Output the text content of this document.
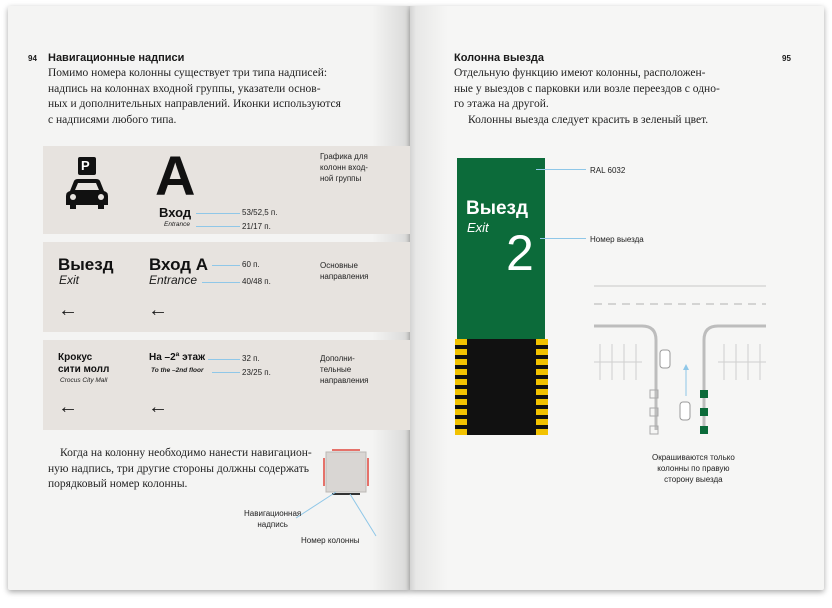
94 Навигационные надписи
Помимо номера колонны существует три типа надписей:
надпись на колоннах входной группы, указатели основ-
ных и дополнительных направлений. Иконки используются
с надписями любого типа.
P A
Вход
Entrance
53/52,5 п.
21/17 п.
Графика для
колонн вход-
ной группы
Выезд
Exit
Вход А
Entrance
60 п.
40/48 п.
←	←
Основные
направления
Крокус
сити молл
Crocus City Mall
На –2ª этаж
To the –2nd floor
32 п.
23/25 п.
←	←
Дополни-
тельные
направления
Когда на колонну необходимо нанести навигацион-
ную надпись, три другие стороны должны содержать
порядковый номер колонны.
Навигационная
надпись
Номер колонны
95
Колонна выезда
Отдельную функцию имеют колонны, расположен-
ные у выездов с парковки или возле переездов с одно-
го этажа на другой.
Колонны выезда следует красить в зеленый цвет.
Выезд
Exit 2
RAL 6032
Номер выезда
Окрашиваются только
колонны по правую
сторону выезда
